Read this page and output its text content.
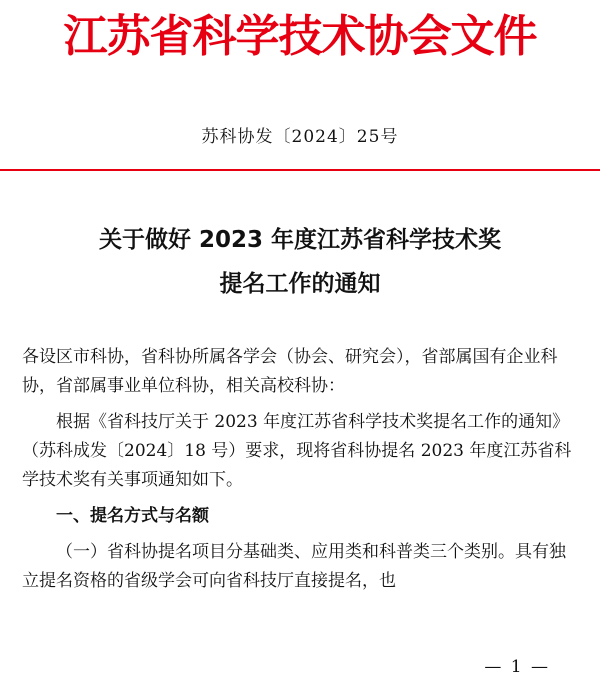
江苏省科学技术协会文件
苏科协发〔2024〕25号
关于做好 2023 年度江苏省科学技术奖
提名工作的通知

各设区市科协，省科协所属各学会（协会、研究会），省部属国有企业科协，省部属事业单位科协，相关高校科协：

根据《省科技厅关于 2023 年度江苏省科学技术奖提名工作的通知》（苏科成发〔2024〕18 号）要求，现将省科协提名 2023 年度江苏省科学技术奖有关事项通知如下。

一、提名方式与名额

（一）省科协提名项目分基础类、应用类和科普类三个类别。具有独立提名资格的省级学会可向省科技厅直接提名，也

— 1 —
